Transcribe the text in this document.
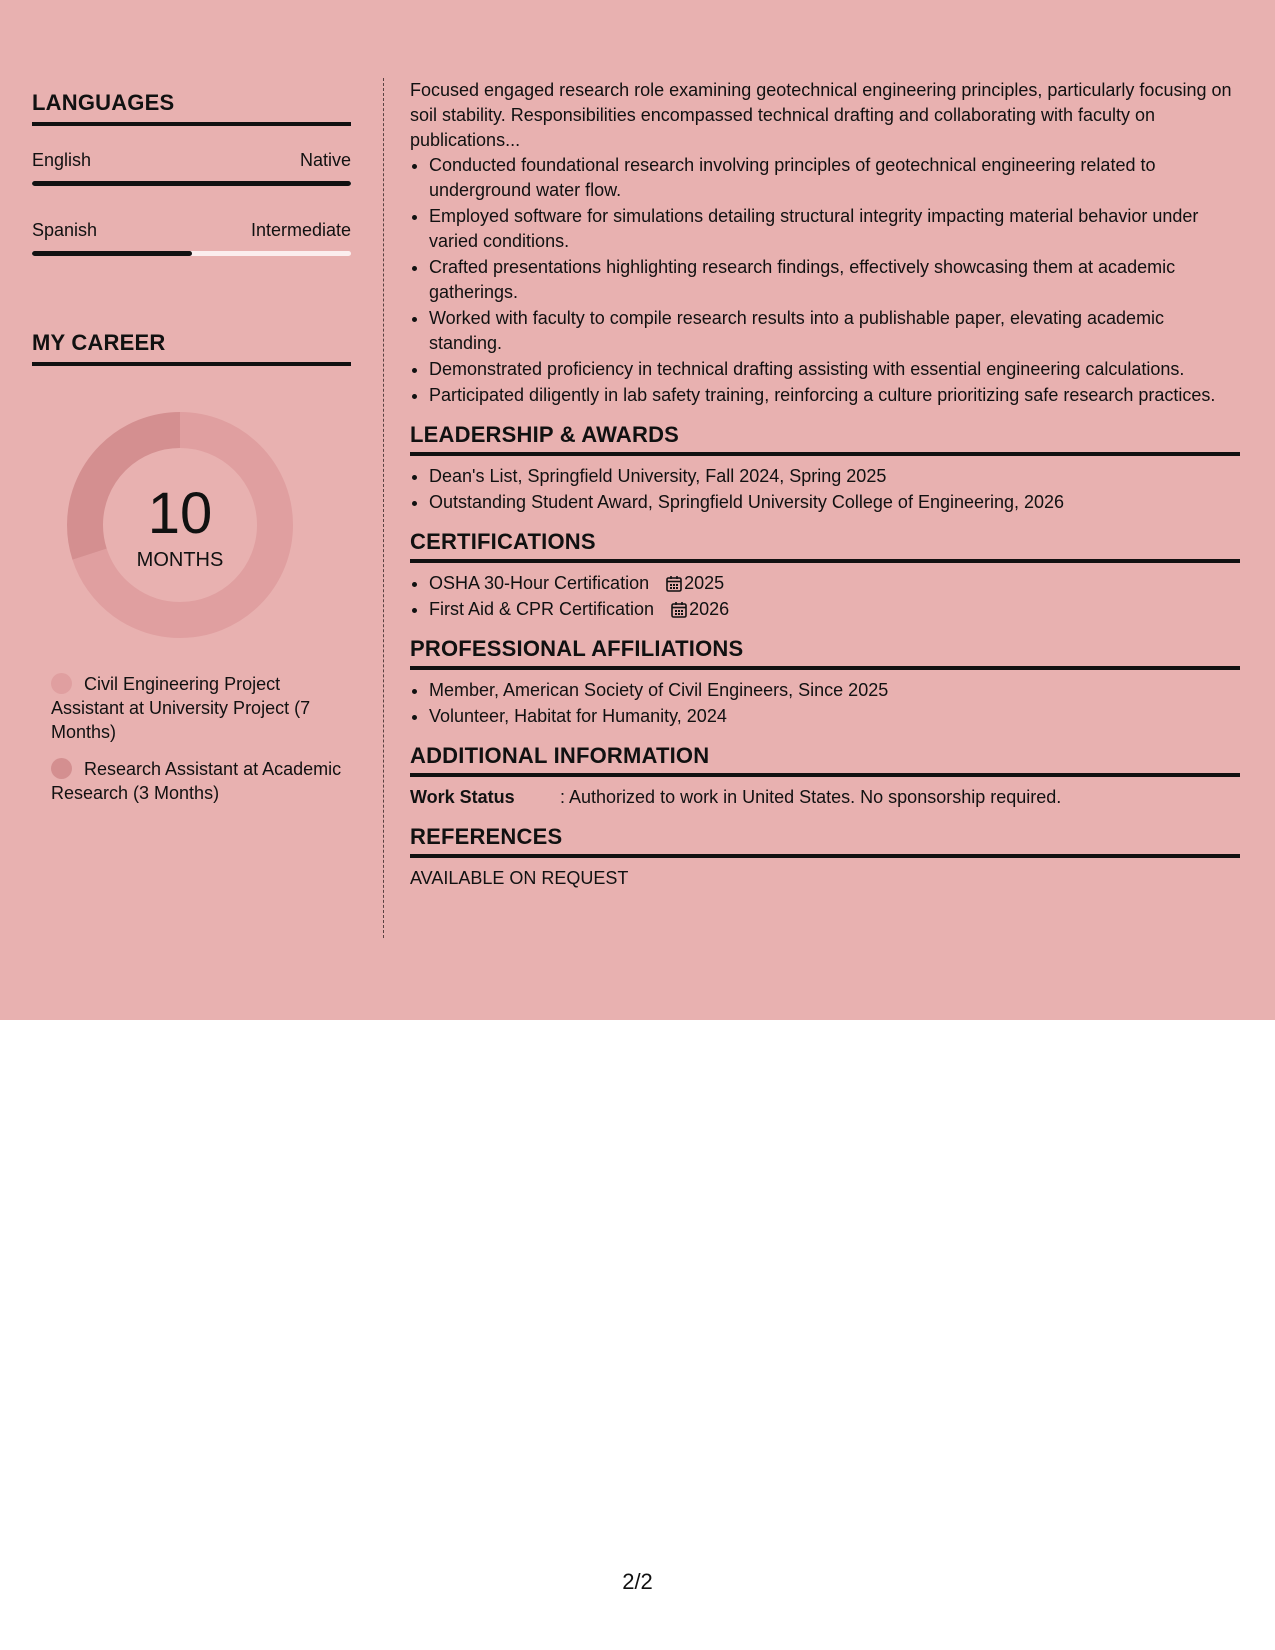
LANGUAGES
English	Native
Spanish	Intermediate
MY CAREER
10
MONTHS
Civil Engineering Project Assistant at University Project (7 Months)
Research Assistant at Academic Research (3 Months)

Focused engaged research role examining geotechnical engineering principles, particularly focusing on soil stability. Responsibilities encompassed technical drafting and collaborating with faculty on publications...

• Conducted foundational research involving principles of geotechnical engineering related to underground water flow.
• Employed software for simulations detailing structural integrity impacting material behavior under varied conditions.
• Crafted presentations highlighting research findings, effectively showcasing them at academic gatherings.
• Worked with faculty to compile research results into a publishable paper, elevating academic standing.
• Demonstrated proficiency in technical drafting assisting with essential engineering calculations.
• Participated diligently in lab safety training, reinforcing a culture prioritizing safe research practices.
LEADERSHIP & AWARDS
• Dean's List, Springfield University, Fall 2024, Spring 2025
• Outstanding Student Award, Springfield University College of Engineering, 2026
CERTIFICATIONS
• OSHA 30-Hour Certification 2025
• First Aid & CPR Certification 2026
PROFESSIONAL AFFILIATIONS
• Member, American Society of Civil Engineers, Since 2025
• Volunteer, Habitat for Humanity, 2024
ADDITIONAL INFORMATION
Work Status	: Authorized to work in United States. No sponsorship required.
REFERENCES
AVAILABLE ON REQUEST
2/2
